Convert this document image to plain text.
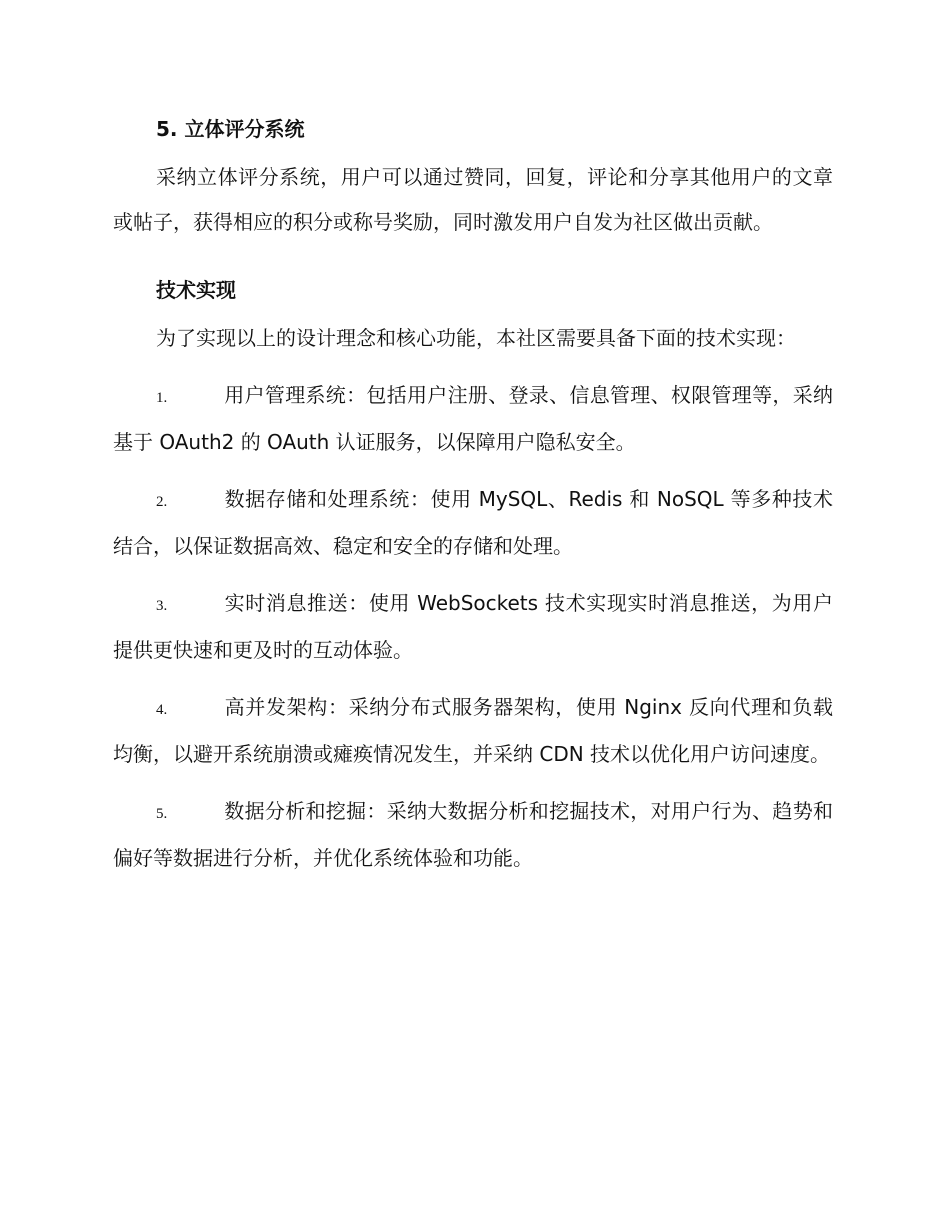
5. 立体评分系统

采纳立体评分系统，用户可以通过赞同，回复，评论和分享其他用户的文章或帖子，获得相应的积分或称号奖励，同时激发用户自发为社区做出贡献。

技术实现

为了实现以上的设计理念和核心功能，本社区需要具备下面的技术实现：

1.	用户管理系统：包括用户注册、登录、信息管理、权限管理等，采纳基于 OAuth2 的 OAuth 认证服务，以保障用户隐私安全。

2.	数据存储和处理系统：使用 MySQL、Redis 和 NoSQL 等多种技术结合，以保证数据高效、稳定和安全的存储和处理。

3.	实时消息推送：使用 WebSockets 技术实现实时消息推送，为用户提供更快速和更及时的互动体验。

4.	高并发架构：采纳分布式服务器架构，使用 Nginx 反向代理和负载均衡，以避开系统崩溃或瘫痪情况发生，并采纳 CDN 技术以优化用户访问速度。

5.	数据分析和挖掘：采纳大数据分析和挖掘技术，对用户行为、趋势和偏好等数据进行分析，并优化系统体验和功能。
